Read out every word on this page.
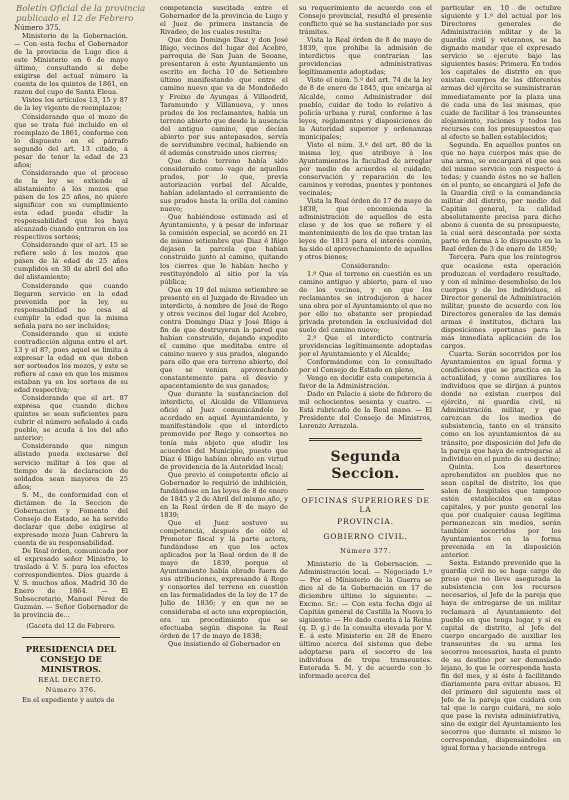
Boletín Oficial de la provincia
publicado el 12 de Febrero

Número 375.

Ministerio de la Gobernación. — Con esta fecha el Gobernador de la provincia de Lugo dice á este Ministerio en 6 de mayo último, consultando si debe exigirse del actual número la cuenta de los quintos de 1861, en razon del cupo de Santa Eleua.

Vistos los artículos 13, 15 y 87 de la ley vigente de reemplazos;

Considerando que el mozo de que se trata fué incluido en el reemplazo de 1861, conforme con lo dispuesto en el párrafo segundo del art. 13 citado, á pesar de tener la edad de 23 años;

Considerando que el proceso de la ley se extiende al alistamiento á los mozos que pasen de los 25 años, no quiere significar con su cumplimiento esta edad pueda eludir la responsabilidad que les haya alcanzado cuando entraron en los respectivos sorteos;

Considerando que el art. 15 se refiere solo á los mozos que pasen de la edad de 25 años cumplidos en 30 de abril del año del alistamiento;

Considerando que cuando llegaron servicio en la edad prevenida por la ley, su responsabilidad no cesa al cumplir la edad que la misma señala para no ser incluidos;

Considerando que si existe contradicción alguna entre el art. 13 y el 87, pues aquel se limita á expresar la edad en que deben ser sorteados los mozos, y este se refiere al caso en que los mismos estaban ya en los sorteos de su edad respectiva;

Considerando que el art. 87 expresa que cuando dichos quintos se sean suficientes para cubrir el número señalado á cada pueblo, se acuda á los del año anterior;

Considerando que ningun alistado pueda excusarse del servicio militar á los que al tiempo de la declaracion de soldados sean mayores de 25 años;

S. M., de conformidad con el dictámen de la Seccion de Gobernacion y Fomento del Consejo de Estado, se ha servido declarar que debe exigirse al expresado mozo Juan Cabrera la cuenta de su responsabilidad.

De Real órden, comunicada por el expresado señor Ministro, lo traslado á V. S. para los efectos correspondientes. Dios guarde á V. S. muchos años. Madrid 30 de Enero de 1864. — El Subsecretario, Manuel Pérez de Guzmán. — Señor Gobernador de la provincia de...

(Gaceta del 12 de Febrero.

PRESIDENCIA DEL CONSEJO DE MINISTROS.
REAL DECRETO.
Número 376.

En el expediente y autos de

competencia suscitada entre el Gobernador de la provincia de Lugo y el Juez de primera instancia de Rivadeo, de los cuales resulta:

Que don Domingo Diaz y don José Iñigo, vecinos del lugar del Acebro, parroquia de San Juan de Seoane, presentaron á este Ayuntamiento un escrito en fecha 10 de Setiembre último manifestando que entre el camino nuevo que va de Mondoñedo y Freixo de Ayungas á Villaodrid, Taramundo y Villanueva, y unos prados de los reclamantes, había un terreno abierto que desde la ausencia del antiguo camino, que decían abierto por sus antepasados, servía de servidumbre vecinal, habiendo en él además construido unos cierres;

Que dicho terreno había sido considerado como vago de aquellos prados, por lo que, previa autorización verbal del Alcalde, habían adelantado el cerramiento de sus prados hasta la orilla del camino nuevo;

Que habiéndose estimado así el Ayuntamiento, y á pesar de informar la comisión especial, se acordó en 21 de mismo setiembre que Diaz é Iñigo dejasen la parcela que habían construido junto al camino, quitando los cierres que le habían hecho y restituyéndolo al sitio por la vía pública;

Que en 19 del mismo setiembre se presentó en el Juzgado de Rivadeo un interdicto, á nombre de José de Rego y otros vecinos del lugar del Acebro, contra Domingo Diaz y José Iñigo á fin de que destruyeran la pared que habían construido, dejando expedito el camino que meditaba entre el camino nuevo y sus prados, alegando para ello que era terreno abierto, del que se venían aprovechando constantemente para el desvío y apacentamiento de sus ganados;

Que durante la sustanciacion del interdicto, el Alcalde de Villanueva ofició al Juez comunicándole lo acordado en aquel Ayuntamiento, y manifestándole que el interdicto promovido por Rego y consortes no tenía más objeto que eludir los acuerdos del Municipio, puesto que Diaz é Iñigo habían obrado en virtud de providencia de la Autoridad local;

Que previo el competente oficio al Gobernador le requirió de inhibición, fundándose en las leyes de 8 de enero de 1845 y 2 de Abril del mismo año, y en la Real órden de 8 de mayo de 1839;

Que el Juez sostuvo su competencia, después de oído el Promotor fiscal y la parte actora, fundándose en que los actos aplicados por la Real órden de 8 de mayo de 1839, porque el Ayuntamiento había obrado fuera de sus atribuciones, expresando á Rego y consortes del terreno en cuestión en las formalidades de la ley de 17 de Julio de 1836; y en que no se consideraba el acto una expropiación, era un procedimiento que se efectuaba según dispone la Real órden de 17 de mayo de 1838;

Que insistiendo el Gobernador en

su requerimiento de acuerdo con el Consejo provincial, resultó el presente conflicto que se ha sustanciado por sus trámites.

Vista la Real órden de 8 de mayo de 1839, que prohibe la admisión de interdictos que contrarían las providencias administrativas legítimamente adoptadas;

Visto el núm. 5.º del art. 74 de la ley de 8 de enero de 1845, que encarga al Alcalde, como Administrador del pueblo, cuidar de todo lo relativo á policía urbana y rural, conforme á las leyes, reglamentos y disposiciones de la Autoridad superior y ordenanzas municipales;

Visto el núm. 3.º del art. 80 de la misma ley, que atribuye á los Ayuntamientos la facultad de arreglar por medio de acuerdos el cuidado, conservación y reparación de los caminos y veredas, puentes y pontones vecinales;

Vista la Real órden de 17 de mayo de 1838, que encomienda la administración de aquellos de esta clase y de los que se refiere y el mantenimiento de los de que tratan las leyes de 1813 para el interés común, ha sido el aprovechamiento de aquellos y otros bienes;

Considerando:

1.º Que el terreno en cuestión es un camino antiguo y abierto, para el uso de los vecinos, y en que los reclamantes se introdujeron á hacer una obra por el Ayuntamiento el que no por ello no obstante ser propiedad privada pretenden la exclusividad del suelo del camino nuevo;

2.º Que el interdicto contraría providencias legítimamente adoptadas por el Ayuntamiento y el Alcalde;

Conformándome con lo consultado por el Consejo de Estado en pleno,

Vengo en decidir esta competencia á favor de la Administración.

Dado en Palacio á siete de febrero de mil ochocientos sesenta y cuatro. — Está rubricado de la Real mano. — El Presidente del Consejo de Ministros, Lorenzo Arrazola.

Segunda Seccion.
OFICINAS SUPERIORES DE LA
PROVINCIA.
GOBIERNO CIVIL.
Número 377.

Ministerio de la Gobernación. — Administración local. — Negociado 1.º — Por el Ministerio de la Guerra se dice al de la Gobernación en 17 de diciembre último lo siguiente: — Excmo. Sr.: — Con esta fecha digo al Capitán general de Castilla la Nueva lo siguiente: — He dado cuenta á la Reina (q. D. g.) de la consulta elevada por V. E. á este Ministerio en 28 de Enero último acerca del sistema que debe adoptarse para el socorro de los individuos de tropa transeuntes. Enterada S. M. y de acuerdo con lo informado acerca del

particular en 10 de octubre siguiente y 1.º del actual por los Directores generales de Administración militar y de la guardia civil y veteranos, se ha dignado mandar que el expresado servicio se ejecute bajo las siguientes bases: Primera. En todos los capitales de distrito en que existan cuerpos de las diferentes armas del ejército se suministrarán inmediatamente por la plaza una de cada una de las mismas, que cuide de facilitar á los transeuntes alojamiento, raciones y todos los recursos con los presupuestos que al efecto se hallen establecidos;

Segunda. En aquellos puntos en que no haya cuerpos más que de una arma, se encargará el que sea del mismo servicio con respecto á todas; y cuando éstos no se hallen en el punto, se encargará el Jefe de la Guardia civil o la comandancia militar del distrito, por medio del Capitán general, la calidad absolutamente precisa para dicho abono á cuenta de su presupuesto, la cual será descontada por sexta parte en forma á lo dispuesto en la Real órden de 3 de enero de 1850;

Tercera. Para que los reintegros que ocasione esta operación produzcan el verdadero resultado, y con el mínimo desembolso de los cuerpos y de los individuos, el Director general de Administración militar, puesto de acuerdo con los Directores generales de las demás armas é institutos, dictará las disposiciones oportunas para la más inmediata aplicación de los cargos.

Cuarta. Serán socorridos por los Ayuntamientos en igual forma y condiciones que se practica en la actualidad, y como auxiliares los individuos que se dirijan á puntos donde no existan cuerpos del ejército, ni guardia civil, ni Administración militar, y que carezcan de los medios de subsistencia, tanto en el tránsito como en los ayuntamientos de su tránsito, por disposición del Jefe de la pareja que haya de entregarse al individuo en el punto de su destino;

Quinta. Los desertores aprehendidos en pueblos que no sean capital de distrito, los que salen de hospitales que tampoco estén establecidos en estas capitales, y por punto general los que por cualquier causa legítima permanezcan sin medios, serán también socorridos por los Ayuntamientos en la forma prevenida en la disposición anterior.

Sexta. Estando prevenido que la guardia civil no se haga cargo de preso que no lleve asegurada la subsistencia con los recursos necesarios, el Jefe de la pareja que haya de entregarse de un militar reclamará al Ayuntamiento del pueblo en que tenga lugar, y si es capital de distrito, al Jefe del cuerpo encargado de auxiliar los transeuntes de su arma los socorros necesarios, hasta el punto de su destino por ser demasiado lejano, lo que le corresponda hasta fin del mes, y si éste á facilitando diariamente para evitar abusos. El del primero del siguiente mes el Jefe de la pareja que cuidará con tal que lo cargo cuidará, no solo que pase la revista administrativa, sino de exigir del Ayuntamiento los socorros que durante el mismo le correspondan, dispensándoles en igual forma y haciendo entrega
